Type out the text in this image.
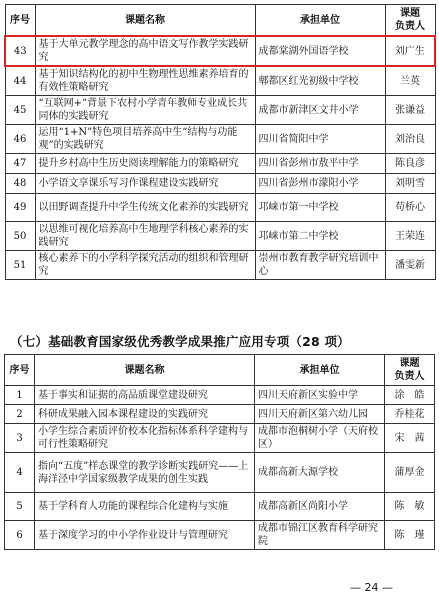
序号	课题名称	承担单位	课题
负责人
43	基于大单元教学理念的高中语文写作教学实践研究	成都棠湖外国语学校	刘广生
44	基于知识结构化的初中生物理性思维素养培育的有效性策略研究	郫都区红光初级中学校	兰英
45	“互联网+”背景下农村小学青年教师专业成长共同体的实践研究	成都市新津区文井小学	张谦益
46	运用“1+N”特色项目培养高中生“结构与功能观”的实践研究	四川省简阳中学	刘治良
47	提升乡村高中生历史阅读理解能力的策略研究	四川省彭州市敖平中学	陈良彦
48	小学语文享课乐写习作课程建设实践研究	四川省彭州市濛阳小学	刘明雪
49	以田野调查提升中学生传统文化素养的实践研究	邛崃市第一中学校	苟桥心
50	以思维可视化培养高中生地理学科核心素养的实践研究	邛崃市第二中学校	王荣连
51	核心素养下的小学科学探究活动的组织和管理研究	崇州市教育教学研究培训中心	潘雯新
（七）基础教育国家级优秀教学成果推广应用专项（28 项）
序号	课题名称	承担单位	课题
负责人
1	基于事实和证据的高品质课堂建设研究	四川天府新区实验中学	涂　皓
2	科研成果融入园本课程建设的实践研究	四川天府新区第六幼儿园	乔桂花
3	小学生综合素质评价校本化指标体系科学建构与可行性策略研究	成都市泡桐树小学（天府校区）	宋　茜
4	指向“五度”样态课堂的教学诊断实践研究——上海洋泾中学国家级教学成果的创生实践	成都高新大源学校	蒲厚金
5	基于学科育人功能的课程综合化建构与实施	成都高新区尚阳小学	陈　敏
6	基于深度学习的中小学作业设计与管理研究	成都市锦江区教育科学研究院	陈　瑾
— 24 —
